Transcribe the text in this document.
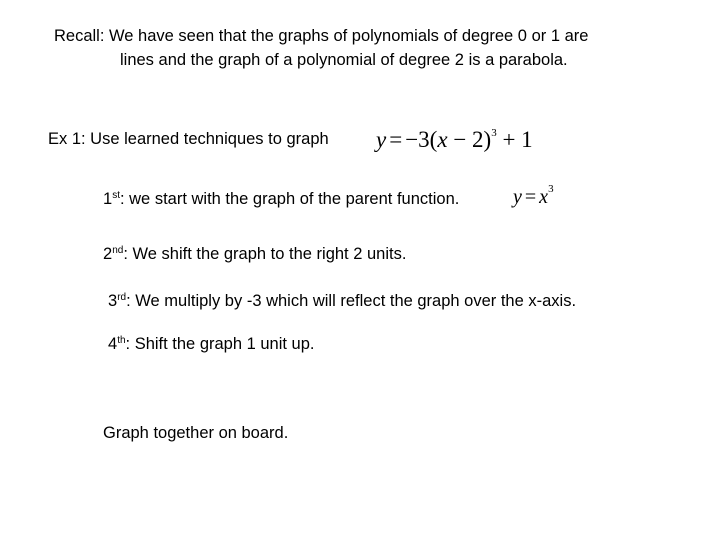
Recall: We have seen that the graphs of polynomials of degree 0 or 1 are
lines and the graph of a polynomial of degree 2 is a parabola.
Ex 1: Use learned techniques to graph $y = -3(x - 2)^3 + 1$
1st: we start with the graph of the parent function.	$y = x^3$
2nd: We shift the graph to the right 2 units.
3rd: We multiply by -3 which will reflect the graph over the x-axis.
4th: Shift the graph 1 unit up.
Graph together on board.
